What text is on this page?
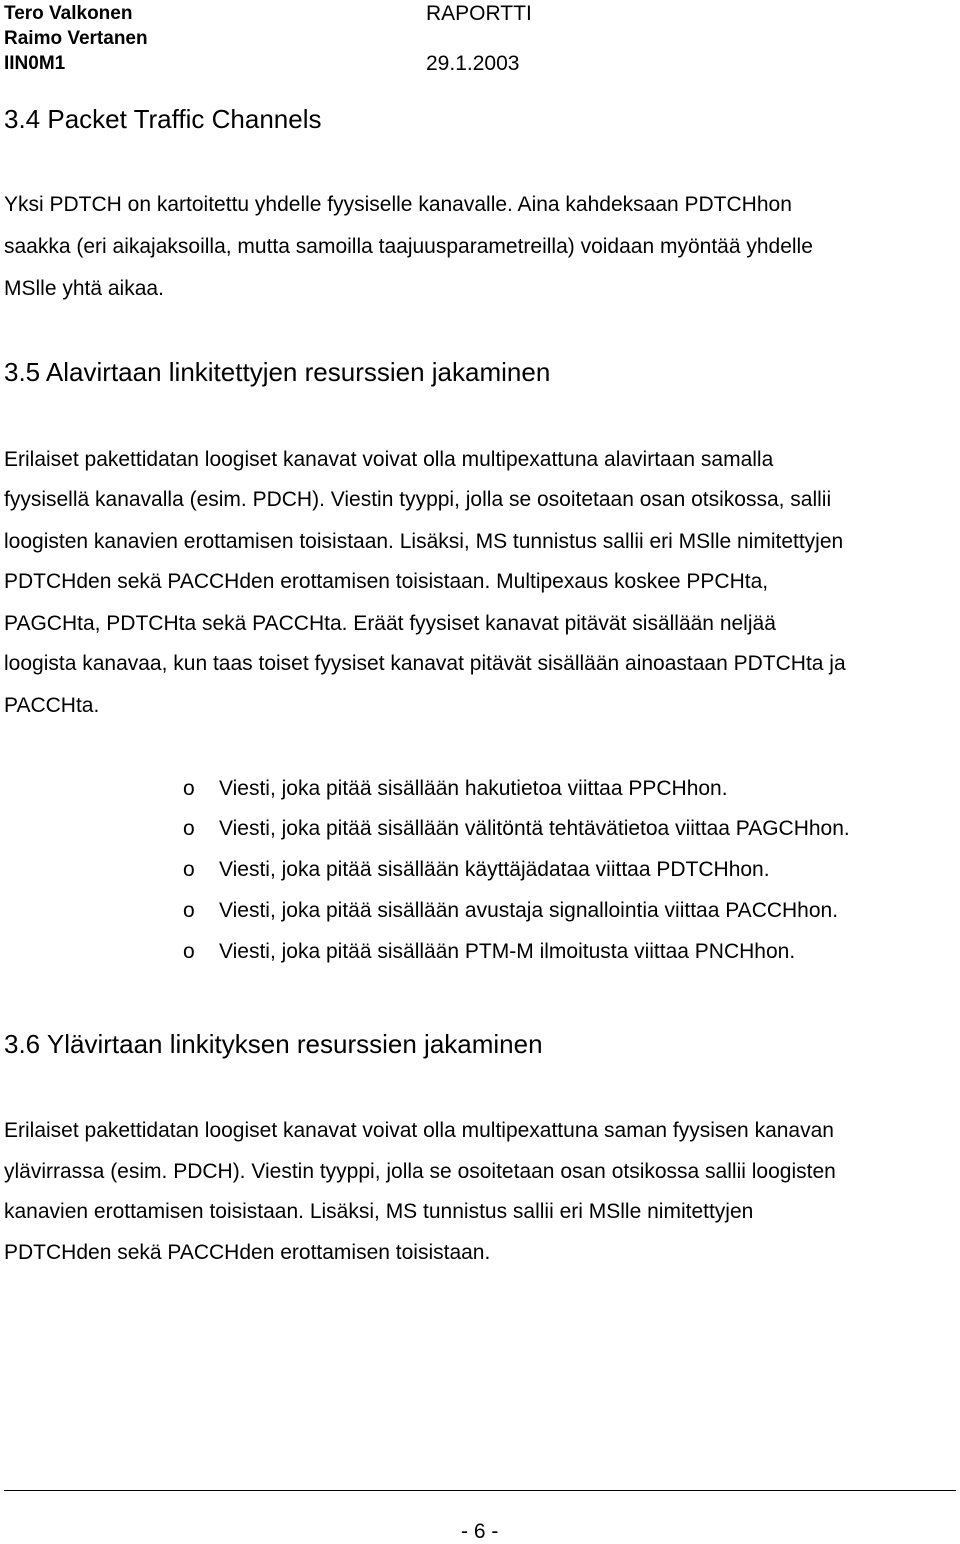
Tero Valkonen
Raimo Vertanen
IIN0M1
RAPORTTI
29.1.2003
3.4 Packet Traffic Channels
Yksi PDTCH on kartoitettu yhdelle fyysiselle kanavalle. Aina kahdeksaan PDTCHhon
saakka (eri aikajaksoilla, mutta samoilla taajuusparametreilla) voidaan myöntää yhdelle
MSlle yhtä aikaa.
3.5 Alavirtaan linkitettyjen resurssien jakaminen
Erilaiset pakettidatan loogiset kanavat voivat olla multipexattuna alavirtaan samalla
fyysisellä kanavalla (esim. PDCH). Viestin tyyppi, jolla se osoitetaan osan otsikossa, sallii
loogisten kanavien erottamisen toisistaan. Lisäksi, MS tunnistus sallii eri MSlle nimitettyjen
PDTCHden sekä PACCHden erottamisen toisistaan. Multipexaus koskee PPCHta,
PAGCHta, PDTCHta sekä PACCHta. Eräät fyysiset kanavat pitävät sisällään neljää
loogista kanavaa, kun taas toiset fyysiset kanavat pitävät sisällään ainoastaan PDTCHta ja
PACCHta.
o Viesti, joka pitää sisällään hakutietoa viittaa PPCHhon.
o Viesti, joka pitää sisällään välitöntä tehtävätietoa viittaa PAGCHhon.
o Viesti, joka pitää sisällään käyttäjädataa viittaa PDTCHhon.
o Viesti, joka pitää sisällään avustaja signallointia viittaa PACCHhon.
o Viesti, joka pitää sisällään PTM-M ilmoitusta viittaa PNCHhon.
3.6 Ylävirtaan linkityksen resurssien jakaminen
Erilaiset pakettidatan loogiset kanavat voivat olla multipexattuna saman fyysisen kanavan
ylävirrassa (esim. PDCH). Viestin tyyppi, jolla se osoitetaan osan otsikossa sallii loogisten
kanavien erottamisen toisistaan. Lisäksi, MS tunnistus sallii eri MSlle nimitettyjen
PDTCHden sekä PACCHden erottamisen toisistaan.
- 6 -
